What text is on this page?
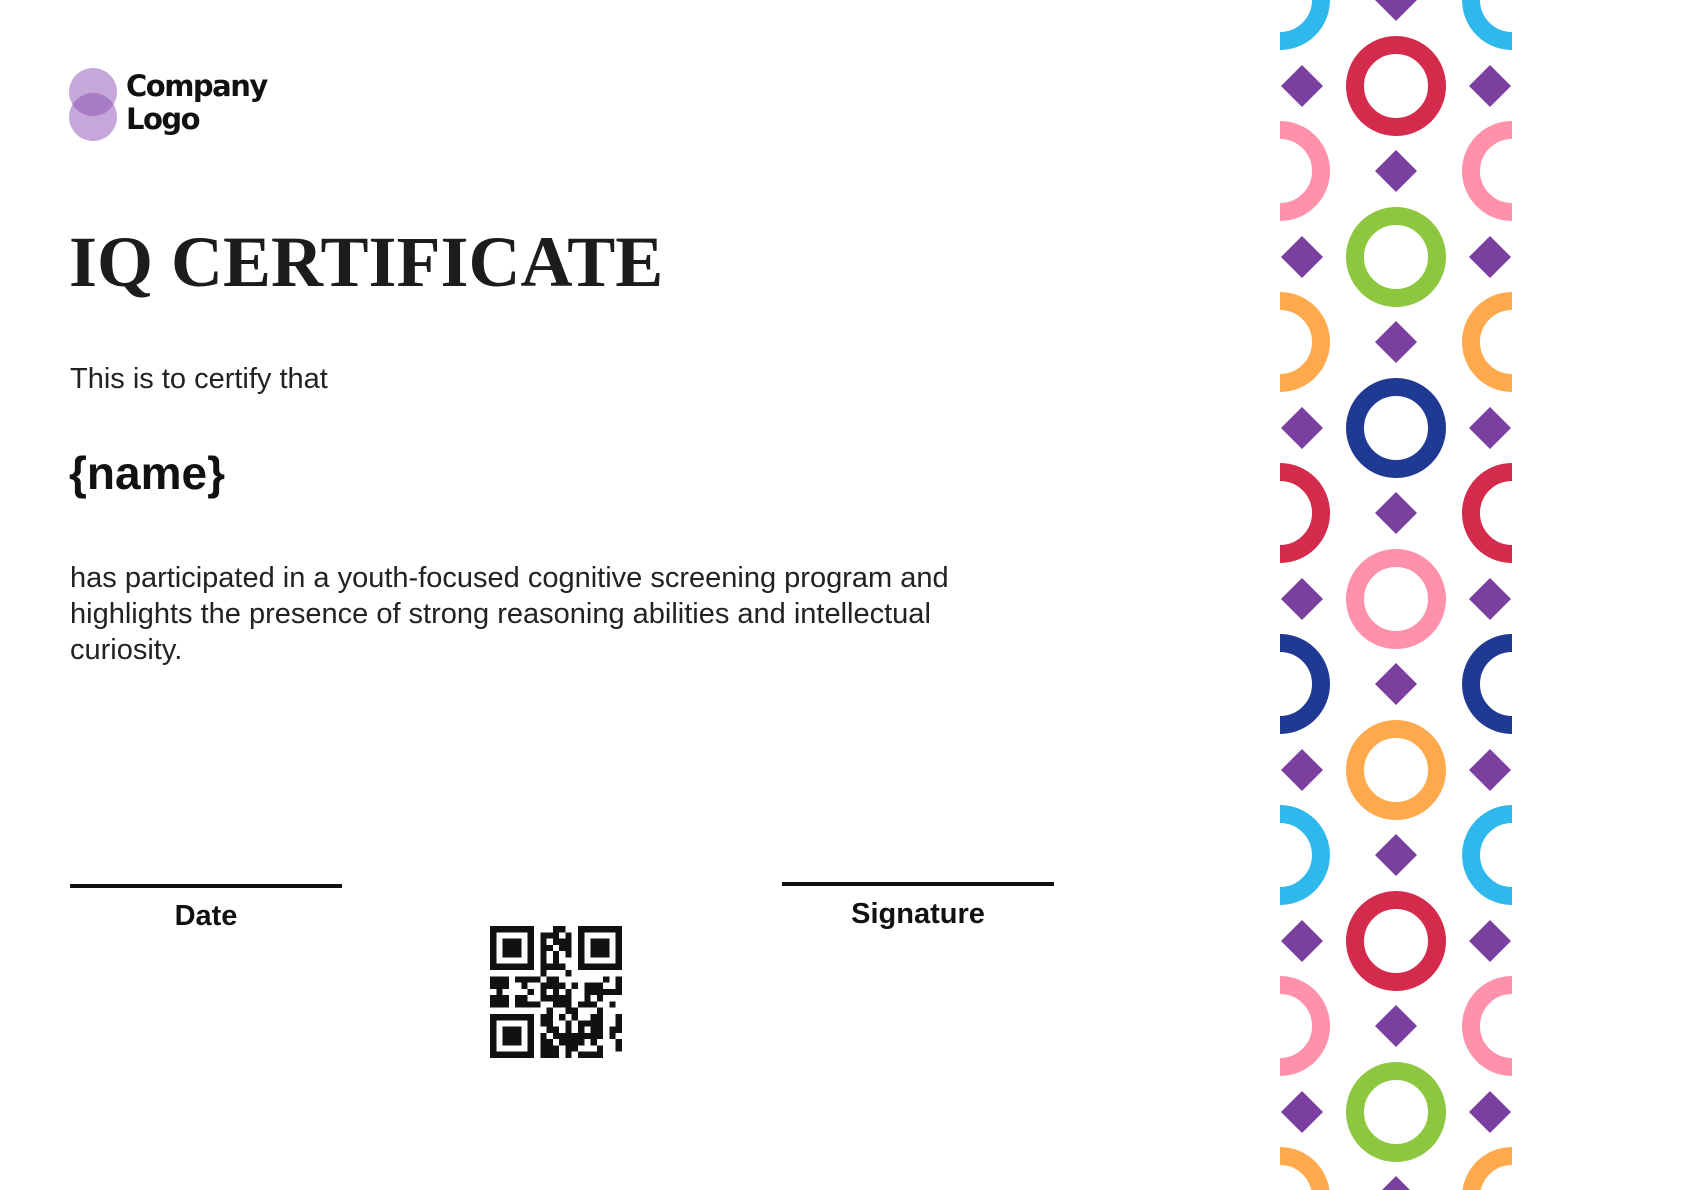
Company
Logo

IQ CERTIFICATE

This is to certify that

{name}

has participated in a youth-focused cognitive screening program and highlights the presence of strong reasoning abilities and intellectual curiosity.

Date	Signature
